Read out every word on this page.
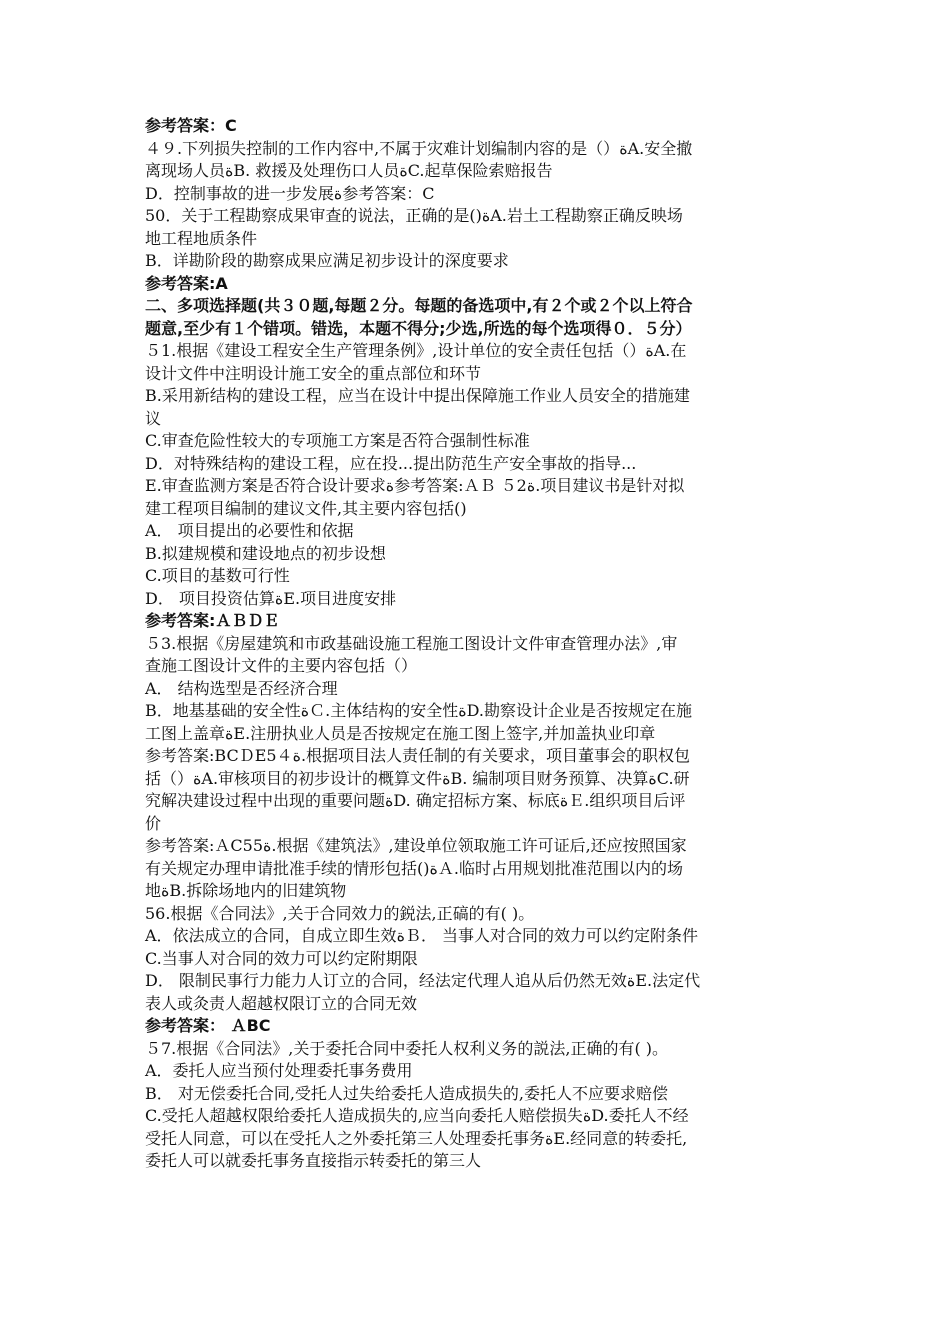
参考答案：C
４９.下列损失控制的工作内容中,不属于灾难计划编制内容的是（）ةA.安全撤
离现场人员ةB. 救援及处理伤口人员ةC.起草保险索赔报告
D．控制事故的进一步发展ة参考答案：C
50．关于工程勘察成果审查的说法，正确的是()ةA.岩土工程勘察正确反映场
地工程地质条件
B．详勘阶段的勘察成果应满足初步设计的深度要求
参考答案:A
二、多项选择题(共３０题,每题２分。每题的备选项中,有２个或２个以上符合
题意,至少有１个错项。错选，本题不得分;少选,所选的每个选项得０．５分）
５1.根据《建设工程安全生产管理条例》,设计单位的安全责任包括（）ةA.在
设计文件中注明设计施工安全的重点部位和环节
B.采用新结构的建设工程，应当在设计中提出保障施工作业人员安全的措施建
议
C.审查危险性较大的专项施工方案是否符合强制性标准
D．对特殊结构的建设工程，应在投...提出防范生产安全事故的指导...
E.审查监测方案是否符合设计要求ة参考答案:ＡＢ ５2ة.项目建议书是针对拟
建工程项目编制的建议文件,其主要内容包括()
A． 项目提出的必要性和依据
B.拟建规模和建设地点的初步设想
C.项目的基数可行性
D． 项目投资估算ةE.项目进度安排
参考答案:ＡＢＤＥ
５3.根据《房屋建筑和市政基础设施工程施工图设计文件审查管理办法》,审
查施工图设计文件的主要内容包括（）
A． 结构选型是否经济合理
B．地基基础的安全性ةＣ.主体结构的安全性ةD.勘察设计企业是否按规定在施
工图上盖章ةE.注册执业人员是否按规定在施工图上签字,并加盖执业印章
参考答案:BCＤE5４ة.根据项目法人责任制的有关要求，项目董事会的职权包
括（）ةA.审核项目的初步设计的概算文件ةB. 编制项目财务预算、决算ةC.研
究解决建设过程中出现的重要问题ةD. 确定招标方案、标底ةＥ.组织项目后评
价
参考答案:ＡC55ة.根据《建筑法》,建设单位领取施工许可证后,还应按照国家
有关规定办理申请批准手续的情形包括()ةＡ.临时占用规划批准范围以内的场
地ةB.拆除场地内的旧建筑物
56.根据《合同法》,关于合同效力的鋭法,正碻的有( )。
A．依法成立的合同，自成立即生效ةＢ． 当事人对合同的效力可以约定附条件
C.当事人对合同的效力可以约定附期限
D． 限制民事行力能力人订立的合同，经法定代理人追从后仍然无效ةE.法定代
表人或灸责人超越权限订立的合同无效
参考答案： ＡBC
５7.根据《合同法》,关于委托合同中委托人权利义务的説法,正确的有( )。
A．委托人应当预付处理委托事务费用
B． 对无偿委托合同,受托人过失给委托人造成损失的,委托人不应要求赔偿
C.受托人超越权限给委托人造成损失的,应当向委托人赔偿损失ةD.委托人不经
受托人同意，可以在受托人之外委托第三人处理委托事务ةE.经同意的转委托,
委托人可以就委托事务直接指示转委托的第三人
